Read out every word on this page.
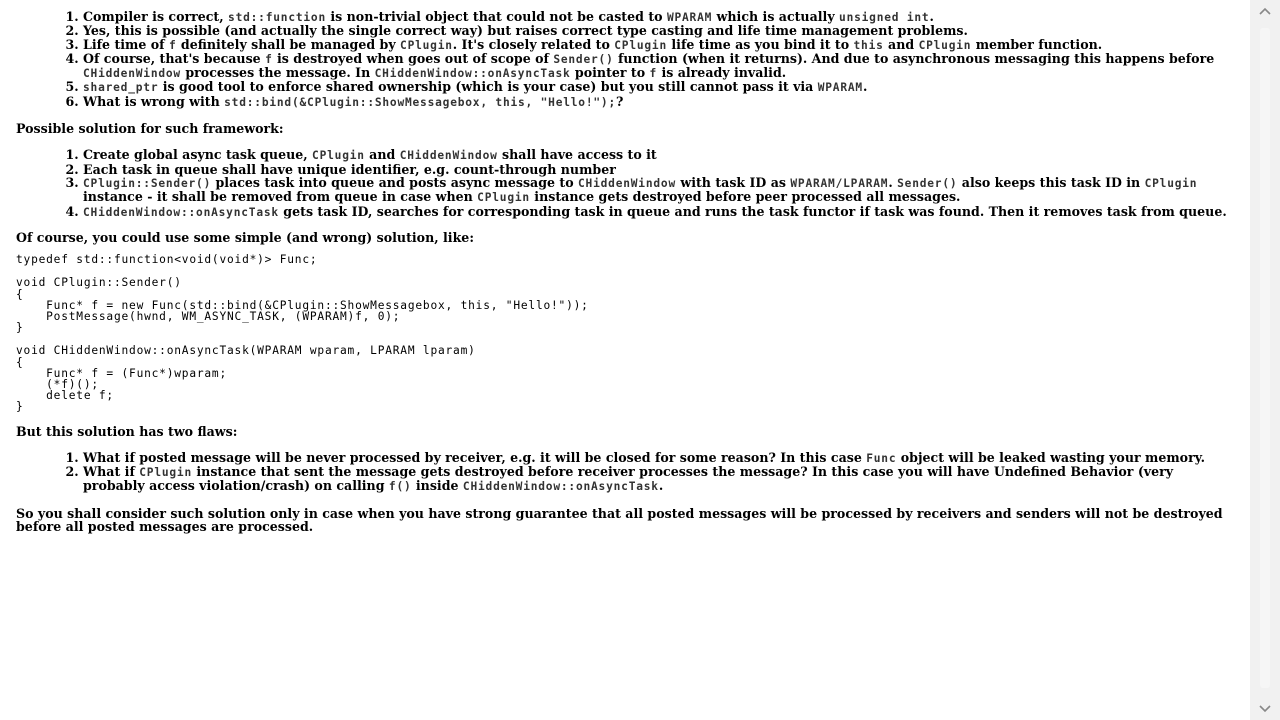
1. Compiler is correct, std::function is non-trivial object that could not be casted to WPARAM which is actually unsigned int.
2. Yes, this is possible (and actually the single correct way) but raises correct type casting and life time management problems.
3. Life time of f definitely shall be managed by CPlugin. It's closely related to CPlugin life time as you bind it to this and CPlugin member function.
4. Of course, that's because f is destroyed when goes out of scope of Sender() function (when it returns). And due to asynchronous messaging this happens before CHiddenWindow processes the message. In CHiddenWindow::onAsyncTask pointer to f is already invalid.
5. shared_ptr is good tool to enforce shared ownership (which is your case) but you still cannot pass it via WPARAM.
6. What is wrong with std::bind(&CPlugin::ShowMessagebox, this, "Hello!");?

Possible solution for such framework:

1. Create global async task queue, CPlugin and CHiddenWindow shall have access to it
2. Each task in queue shall have unique identifier, e.g. count-through number
3. CPlugin::Sender() places task into queue and posts async message to CHiddenWindow with task ID as WPARAM/LPARAM. Sender() also keeps this task ID in CPlugin instance - it shall be removed from queue in case when CPlugin instance gets destroyed before peer processed all messages.
4. CHiddenWindow::onAsyncTask gets task ID, searches for corresponding task in queue and runs the task functor if task was found. Then it removes task from queue.

Of course, you could use some simple (and wrong) solution, like:

typedef std::function<void(void*)> Func;
void CPlugin::Sender()
{
Func* f = new Func(std::bind(&CPlugin::ShowMessagebox, this, "Hello!"));
PostMessage(hwnd, WM_ASYNC_TASK, (WPARAM)f, 0);
}
void CHiddenWindow::onAsyncTask(WPARAM wparam, LPARAM lparam)
{
Func* f = (Func*)wparam;
(*f)();
delete f;
}

But this solution has two flaws:

1. What if posted message will be never processed by receiver, e.g. it will be closed for some reason? In this case Func object will be leaked wasting your memory.
2. What if CPlugin instance that sent the message gets destroyed before receiver processes the message? In this case you will have Undefined Behavior (very probably access violation/crash) on calling f() inside CHiddenWindow::onAsyncTask.

So you shall consider such solution only in case when you have strong guarantee that all posted messages will be processed by receivers and senders will not be destroyed before all posted messages are processed.
